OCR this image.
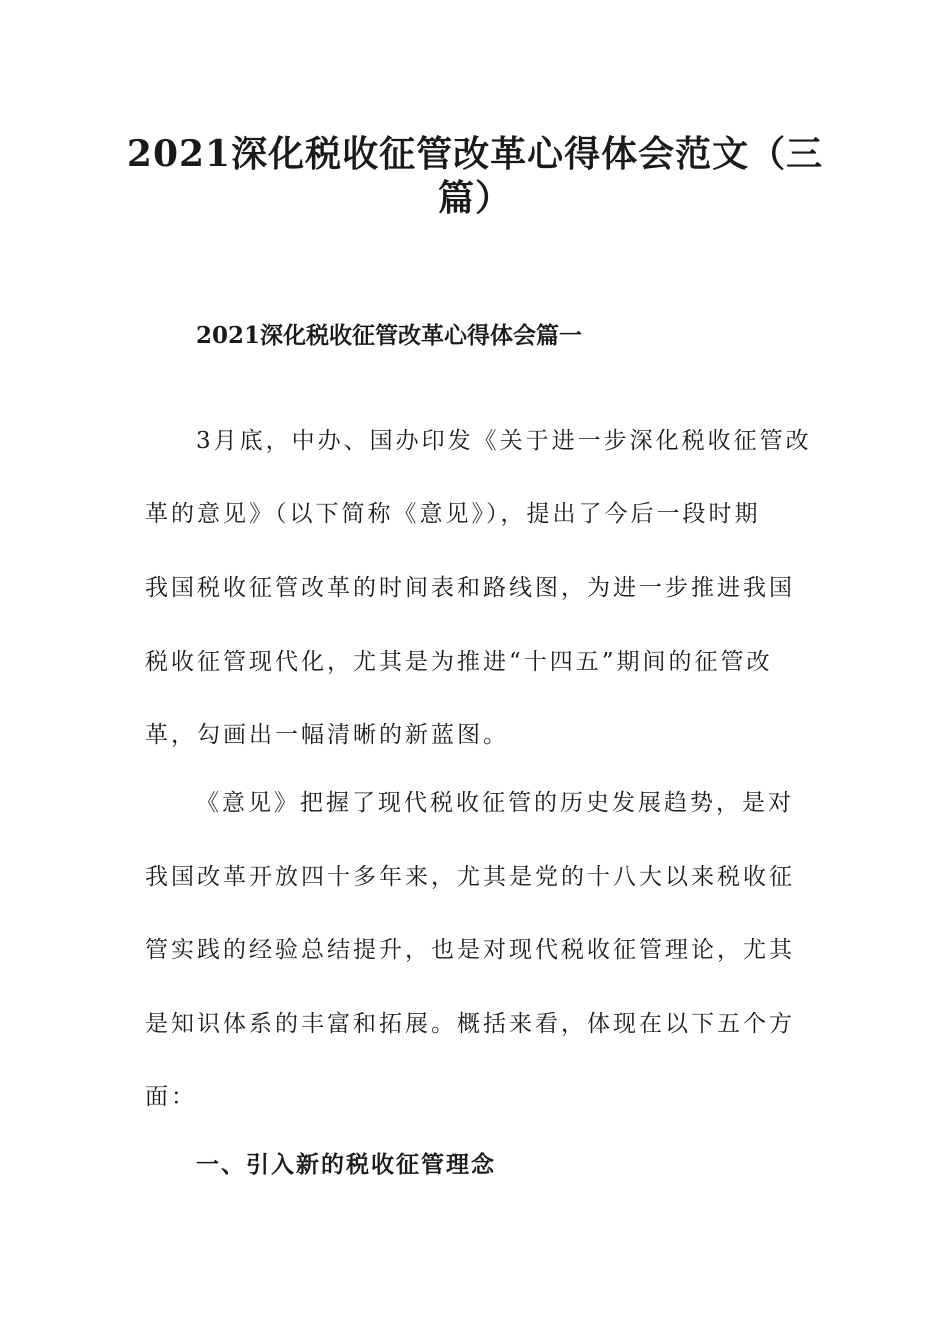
2021深化税收征管改革心得体会范文（三
篇）
2021深化税收征管改革心得体会篇一
3月底，中办、国办印发《关于进一步深化税收征管改
革的意见》（以下简称《意见》），提出了今后一段时期
我国税收征管改革的时间表和路线图，为进一步推进我国
税收征管现代化，尤其是为推进“十四五”期间的征管改
革，勾画出一幅清晰的新蓝图。
《意见》把握了现代税收征管的历史发展趋势，是对
我国改革开放四十多年来，尤其是党的十八大以来税收征
管实践的经验总结提升，也是对现代税收征管理论，尤其
是知识体系的丰富和拓展。概括来看，体现在以下五个方
面：
一、引入新的税收征管理念
